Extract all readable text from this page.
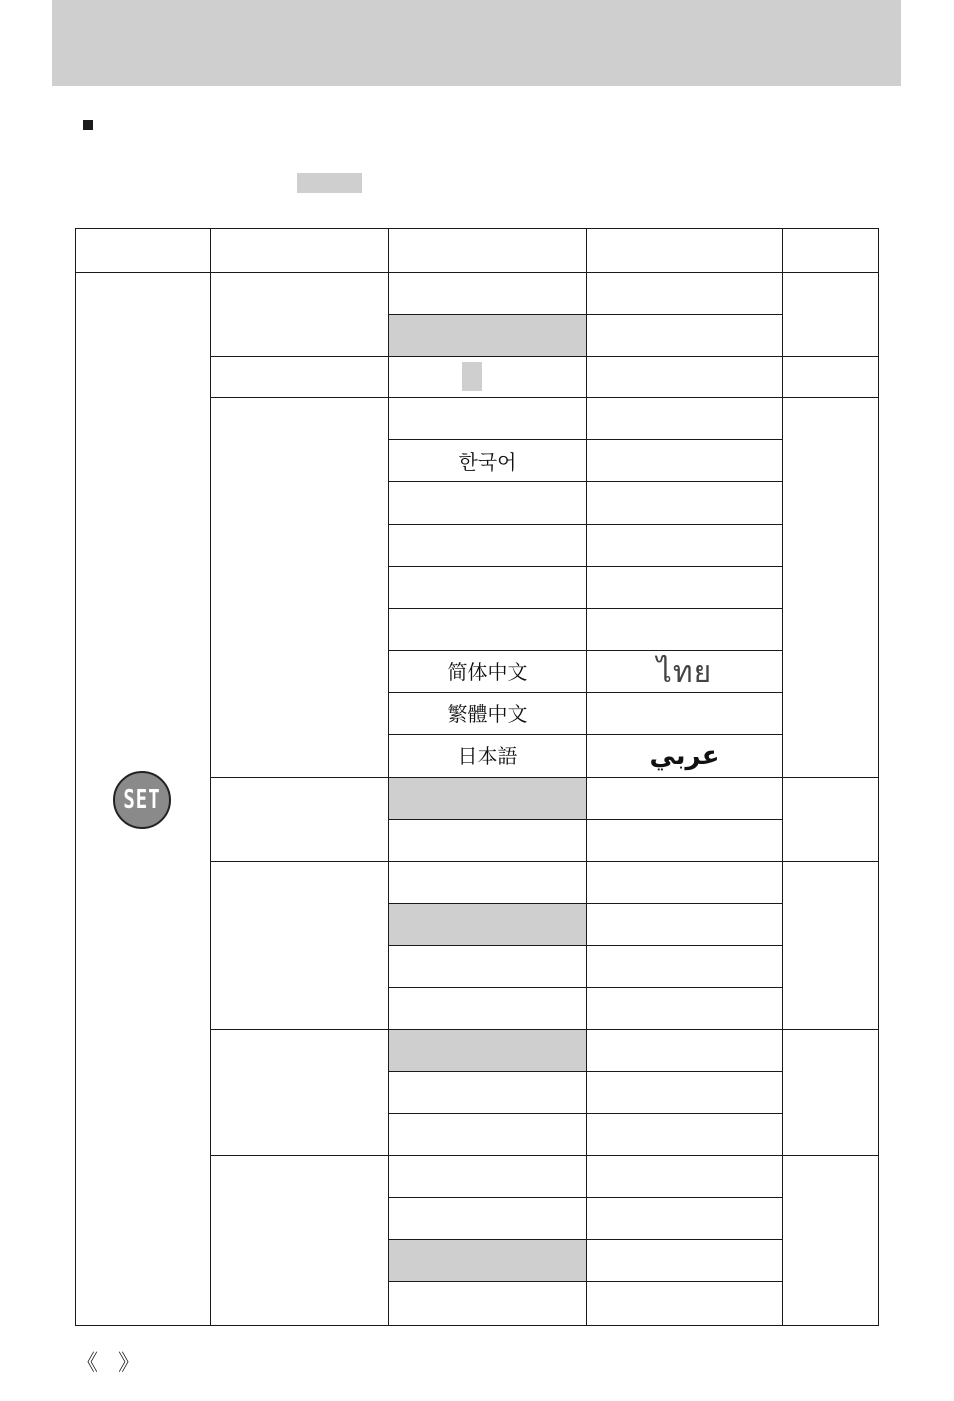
SET
한국어
简体中文
繁體中文
日本語
ไทย
عربي
《 》
